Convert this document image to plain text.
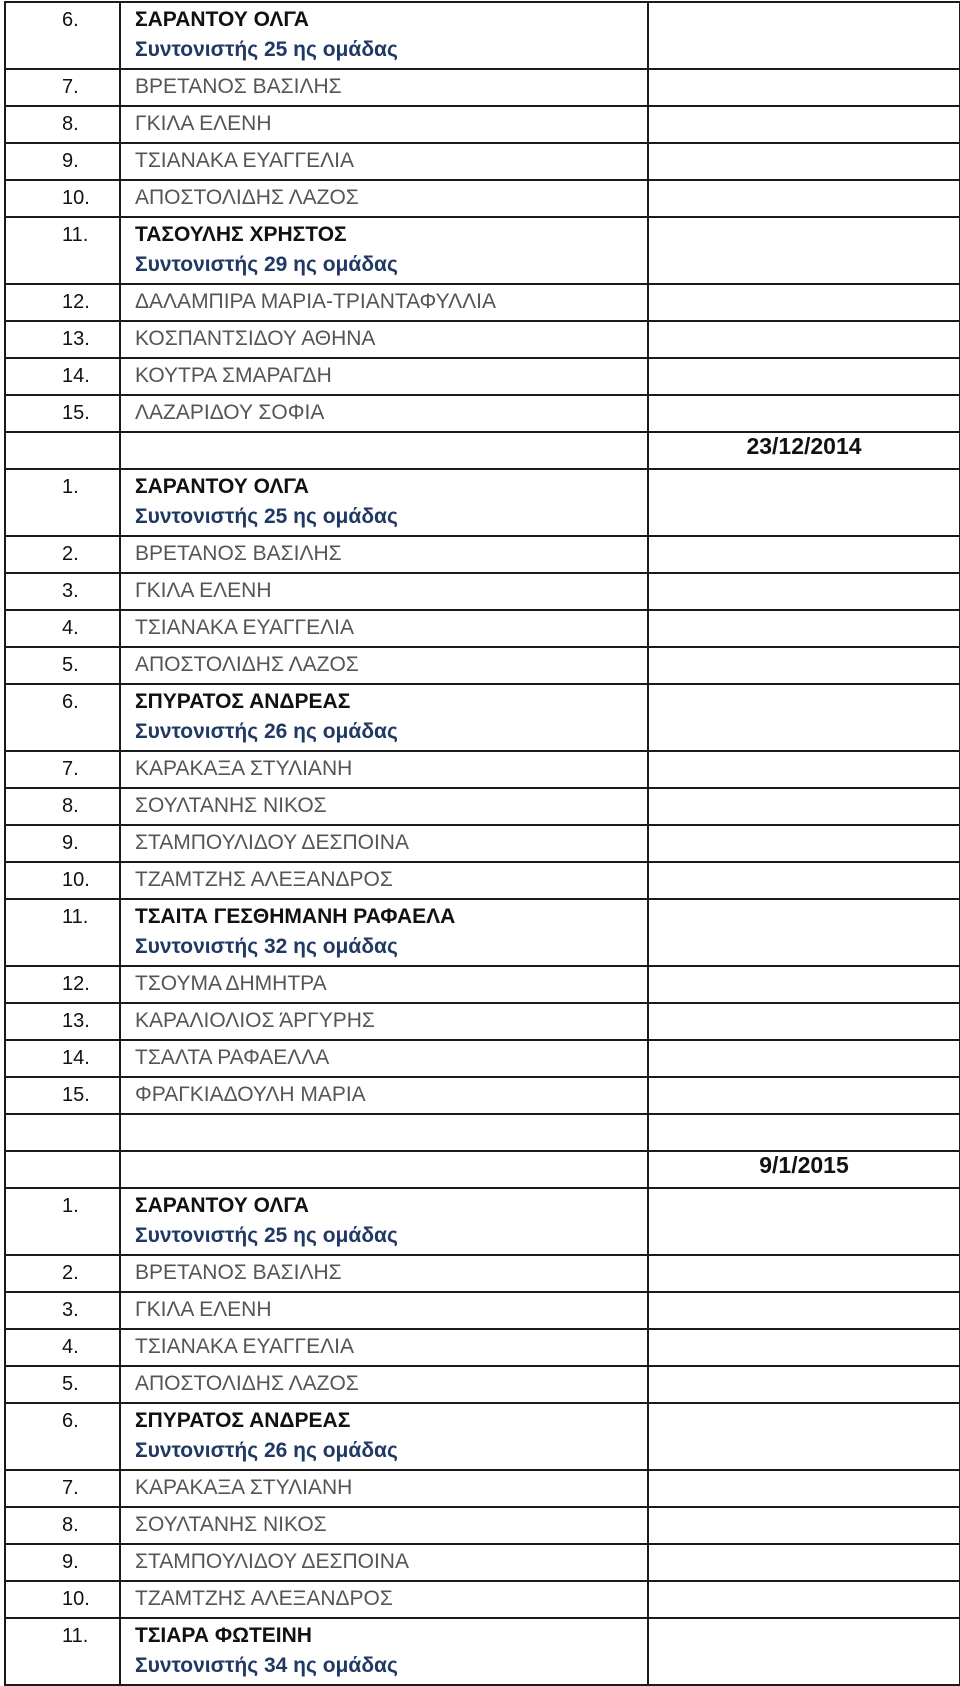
6.	ΣΑΡΑΝΤΟΥ ΟΛΓΑ
Συντονιστής 25 ης ομάδας	

7.	ΒΡΕΤΑΝΟΣ ΒΑΣΙΛΗΣ	

8.	ΓΚΙΛΑ ΕΛΕΝΗ	

9.	ΤΣΙΑΝΑΚΑ ΕΥΑΓΓΕΛΙΑ	

10.	ΑΠΟΣΤΟΛΙΔΗΣ ΛΑΖΟΣ	

11.	ΤΑΣΟΥΛΗΣ ΧΡΗΣΤΟΣ
Συντονιστής 29 ης ομάδας	

12.	ΔΑΛΑΜΠΙΡΑ ΜΑΡΙΑ-ΤΡΙΑΝΤΑΦΥΛΛΙΑ	

13.	ΚΟΣΠΑΝΤΣΙΔΟΥ ΑΘΗΝΑ	

14.	ΚΟΥΤΡΑ ΣΜΑΡΑΓΔΗ	

15.	ΛΑΖΑΡΙΔΟΥ ΣΟΦΙΑ	

		23/12/2014

1.	ΣΑΡΑΝΤΟΥ ΟΛΓΑ
Συντονιστής 25 ης ομάδας	

2.	ΒΡΕΤΑΝΟΣ ΒΑΣΙΛΗΣ	

3.	ΓΚΙΛΑ ΕΛΕΝΗ	

4.	ΤΣΙΑΝΑΚΑ ΕΥΑΓΓΕΛΙΑ	

5.	ΑΠΟΣΤΟΛΙΔΗΣ ΛΑΖΟΣ	

6.	ΣΠΥΡΑΤΟΣ ΑΝΔΡΕΑΣ
Συντονιστής 26 ης ομάδας	

7.	ΚΑΡΑΚΑΞΑ ΣΤΥΛΙΑΝΗ	

8.	ΣΟΥΛΤΑΝΗΣ ΝΙΚΟΣ	

9.	ΣΤΑΜΠΟΥΛΙΔΟΥ ΔΕΣΠΟΙΝΑ	

10.	ΤΖΑΜΤΖΗΣ ΑΛΕΞΑΝΔΡΟΣ	

11.	ΤΣΑΙΤΑ ΓΕΣΘΗΜΑΝΗ ΡΑΦΑΕΛΑ
Συντονιστής 32 ης ομάδας	

12.	ΤΣΟΥΜΑ ΔΗΜΗΤΡΑ	

13.	ΚΑΡΑΛΙΟΛΙΟΣ ΆΡΓΥΡΗΣ	

14.	ΤΣΑΛΤΑ ΡΑΦΑΕΛΛΑ	

15.	ΦΡΑΓΚΙΑΔΟΥΛΗ ΜΑΡΙΑ	

		9/1/2015

1.	ΣΑΡΑΝΤΟΥ ΟΛΓΑ
Συντονιστής 25 ης ομάδας	

2.	ΒΡΕΤΑΝΟΣ ΒΑΣΙΛΗΣ	

3.	ΓΚΙΛΑ ΕΛΕΝΗ	

4.	ΤΣΙΑΝΑΚΑ ΕΥΑΓΓΕΛΙΑ	

5.	ΑΠΟΣΤΟΛΙΔΗΣ ΛΑΖΟΣ	

6.	ΣΠΥΡΑΤΟΣ ΑΝΔΡΕΑΣ
Συντονιστής 26 ης ομάδας	

7.	ΚΑΡΑΚΑΞΑ ΣΤΥΛΙΑΝΗ	

8.	ΣΟΥΛΤΑΝΗΣ ΝΙΚΟΣ	

9.	ΣΤΑΜΠΟΥΛΙΔΟΥ ΔΕΣΠΟΙΝΑ	

10.	ΤΖΑΜΤΖΗΣ ΑΛΕΞΑΝΔΡΟΣ	

11.	ΤΣΙΑΡΑ ΦΩΤΕΙΝΗ
Συντονιστής 34 ης ομάδας	
